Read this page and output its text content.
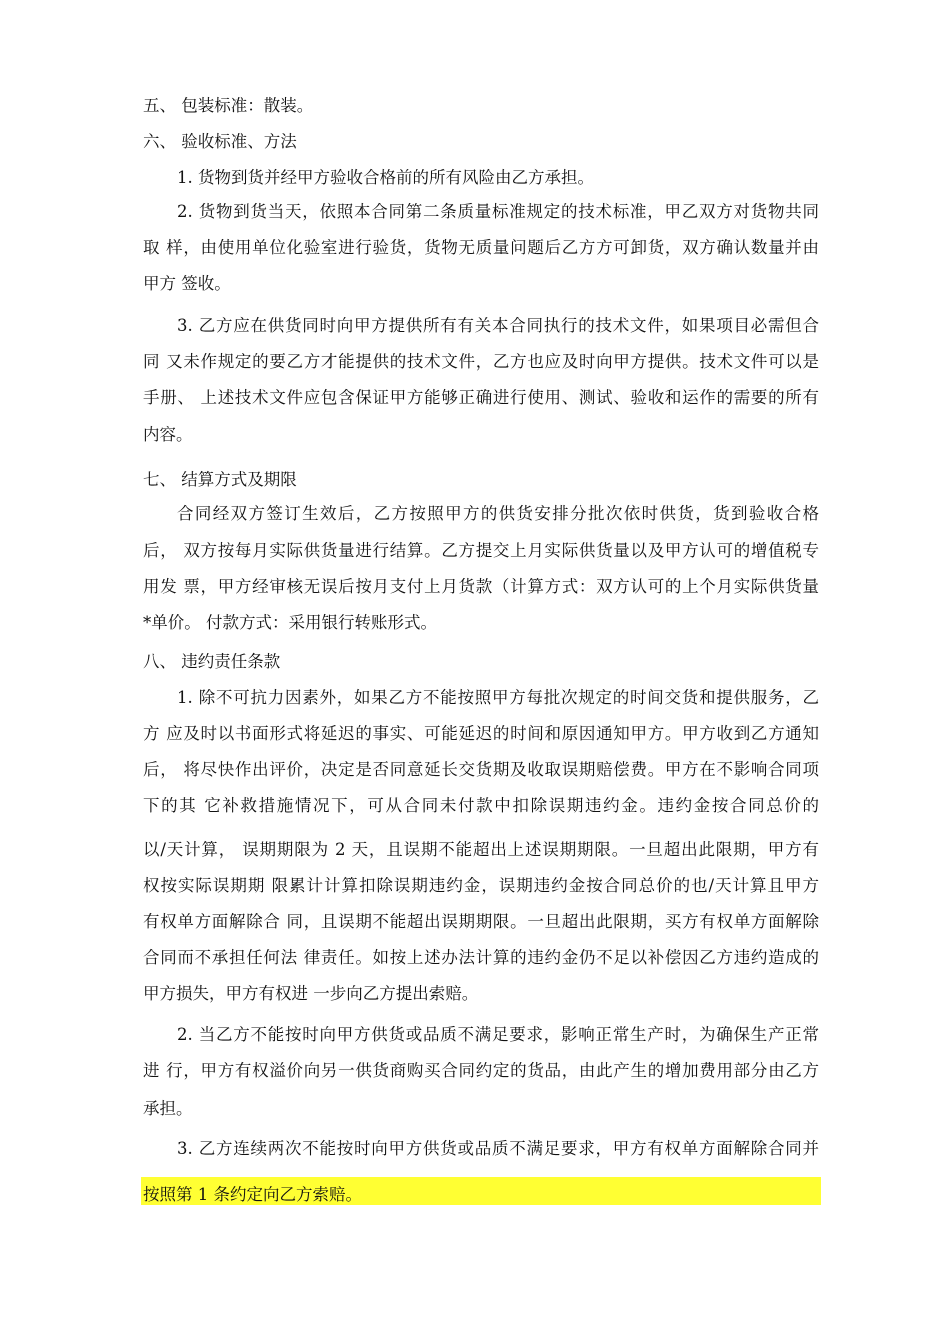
五、 包装标准：散装。
六、 验收标准、方法
1. 货物到货并经甲方验收合格前的所有风险由乙方承担。
2. 货物到货当天，依照本合同第二条质量标准规定的技术标准，甲乙双方对货物共同
取 样，由使用单位化验室进行验货，货物无质量问题后乙方方可卸货，双方确认数量并由
甲方 签收。
3. 乙方应在供货同时向甲方提供所有有关本合同执行的技术文件，如果项目必需但合
同 又未作规定的要乙方才能提供的技术文件，乙方也应及时向甲方提供。技术文件可以是
手册、 上述技术文件应包含保证甲方能够正确进行使用、测试、验收和运作的需要的所有
内容。
七、 结算方式及期限
合同经双方签订生效后，乙方按照甲方的供货安排分批次依时供货，货到验收合格
后， 双方按每月实际供货量进行结算。乙方提交上月实际供货量以及甲方认可的增值税专
用发 票，甲方经审核无误后按月支付上月货款（计算方式：双方认可的上个月实际供货量
*单价。 付款方式：采用银行转账形式。
八、 违约责任条款
1. 除不可抗力因素外，如果乙方不能按照甲方每批次规定的时间交货和提供服务，乙
方 应及时以书面形式将延迟的事实、可能延迟的时间和原因通知甲方。甲方收到乙方通知
后， 将尽快作出评价，决定是否同意延长交货期及收取误期赔偿费。甲方在不影响合同项
下的其 它补救措施情况下，可从合同未付款中扣除误期违约金。违约金按合同总价的
以/天计算， 误期期限为 2 天，且误期不能超出上述误期期限。一旦超出此限期，甲方有
权按实际误期期 限累计计算扣除误期违约金，误期违约金按合同总价的也/天计算且甲方
有权单方面解除合 同，且误期不能超出误期期限。一旦超出此限期，买方有权单方面解除
合同而不承担任何法 律责任。如按上述办法计算的违约金仍不足以补偿因乙方违约造成的
甲方损失，甲方有权进 一步向乙方提出索赔。
2. 当乙方不能按时向甲方供货或品质不满足要求，影响正常生产时，为确保生产正常
进 行，甲方有权溢价向另一供货商购买合同约定的货品，由此产生的增加费用部分由乙方
承担。
3. 乙方连续两次不能按时向甲方供货或品质不满足要求，甲方有权单方面解除合同并
按照第 1 条约定向乙方索赔。
